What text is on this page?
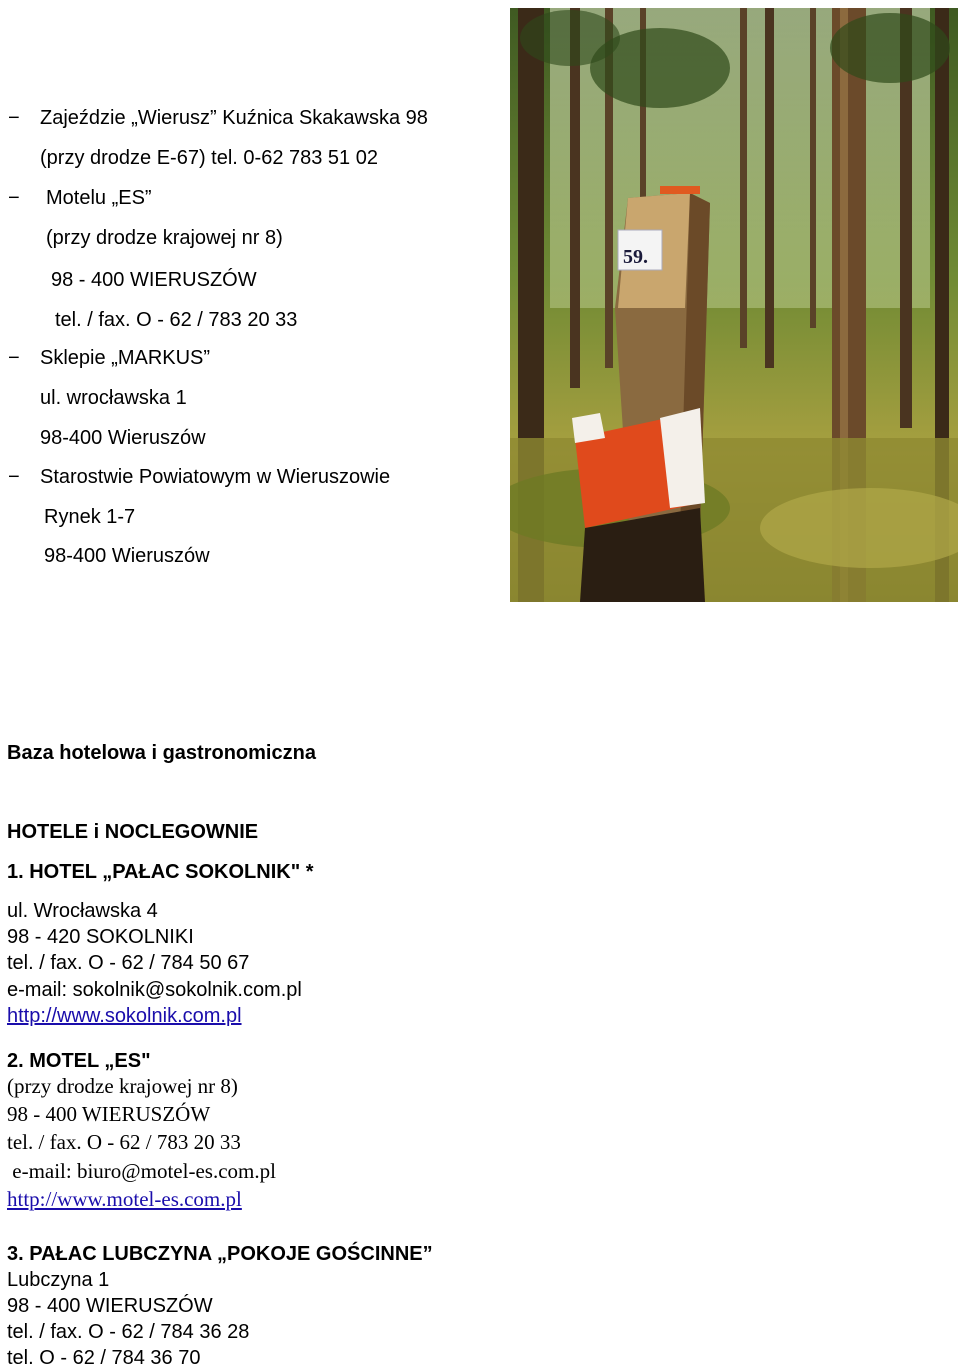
− Zajeździe „Wierusz” Kuźnica Skakawska 98

(przy drodze E-67) tel. 0-62 783 51 02

− Motelu „ES”

(przy drodze krajowej nr 8)

98 - 400 WIERUSZÓW

tel. / fax. O - 62 / 783 20 33

− Sklepie „MARKUS”

ul. wrocławska 1

98-400 Wieruszów

− Starostwie Powiatowym w Wieruszowie

Rynek 1-7

98-400 Wieruszów

59.

Baza hotelowa i gastronomiczna

HOTELE i NOCLEGOWNIE

1. HOTEL „PAŁAC SOKOLNIK" *

ul. Wrocławska 4

98 - 420 SOKOLNIKI

tel. / fax. O - 62 / 784 50 67

e-mail: sokolnik@sokolnik.com.pl

http://www.sokolnik.com.pl

2. MOTEL „ES"

(przy drodze krajowej nr 8)

98 - 400 WIERUSZÓW

tel. / fax. O - 62 / 783 20 33

e-mail: biuro@motel-es.com.pl

http://www.motel-es.com.pl

3. PAŁAC LUBCZYNA „POKOJE GOŚCINNE”

Lubczyna 1

98 - 400 WIERUSZÓW

tel. / fax. O - 62 / 784 36 28

tel. O - 62 / 784 36 70
